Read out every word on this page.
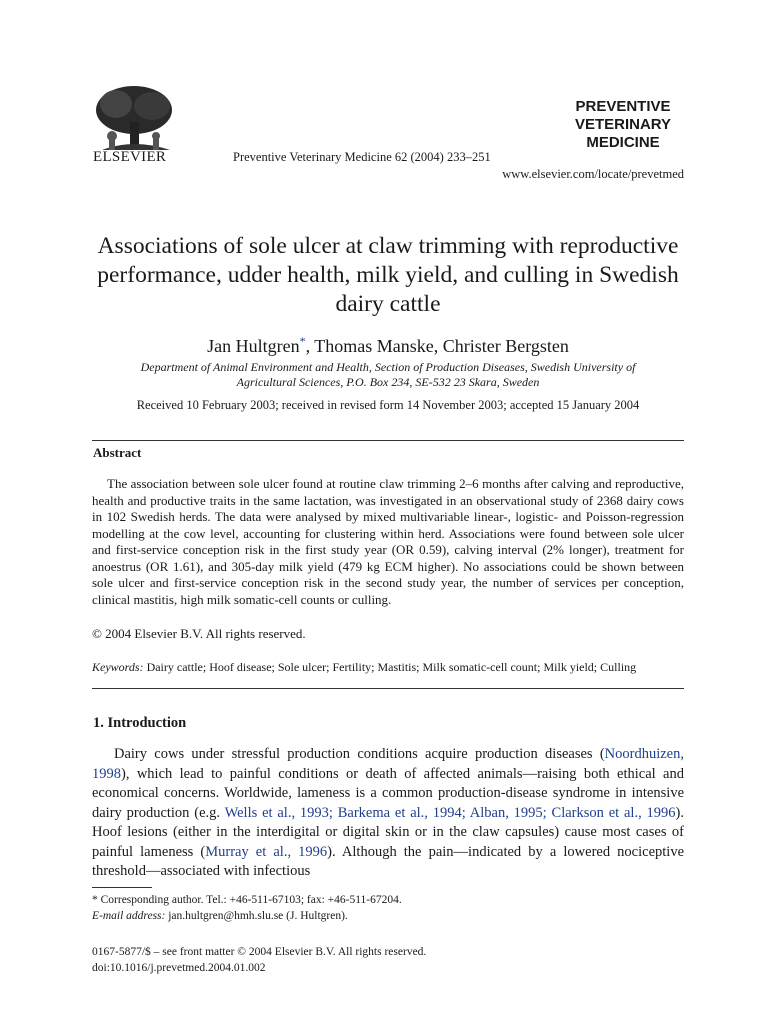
ELSEVIER	Preventive Veterinary Medicine 62 (2004) 233–251
PREVENTIVE
VETERINARY
MEDICINE
www.elsevier.com/locate/prevetmed
Associations of sole ulcer at claw trimming with reproductive performance, udder health, milk yield, and culling in Swedish dairy cattle
Jan Hultgren*, Thomas Manske, Christer Bergsten
Department of Animal Environment and Health, Section of Production Diseases, Swedish University of Agricultural Sciences, P.O. Box 234, SE-532 23 Skara, Sweden
Received 10 February 2003; received in revised form 14 November 2003; accepted 15 January 2004
Abstract
The association between sole ulcer found at routine claw trimming 2–6 months after calving and reproductive, health and productive traits in the same lactation, was investigated in an observational study of 2368 dairy cows in 102 Swedish herds. The data were analysed by mixed multivariable linear-, logistic- and Poisson-regression modelling at the cow level, accounting for clustering within herd. Associations were found between sole ulcer and first-service conception risk in the first study year (OR 0.59), calving interval (2% longer), treatment for anoestrus (OR 1.61), and 305-day milk yield (479 kg ECM higher). No associations could be shown between sole ulcer and first-service conception risk in the second study year, the number of services per conception, clinical mastitis, high milk somatic-cell counts or culling.
© 2004 Elsevier B.V. All rights reserved.
Keywords: Dairy cattle; Hoof disease; Sole ulcer; Fertility; Mastitis; Milk somatic-cell count; Milk yield; Culling
1. Introduction
Dairy cows under stressful production conditions acquire production diseases (Noordhuizen, 1998), which lead to painful conditions or death of affected animals—raising both ethical and economical concerns. Worldwide, lameness is a common production-disease syndrome in intensive dairy production (e.g. Wells et al., 1993; Barkema et al., 1994; Alban, 1995; Clarkson et al., 1996). Hoof lesions (either in the interdigital or digital skin or in the claw capsules) cause most cases of painful lameness (Murray et al., 1996). Although the pain—indicated by a lowered nociceptive threshold—associated with infectious
* Corresponding author. Tel.: +46-511-67103; fax: +46-511-67204.
E-mail address: jan.hultgren@hmh.slu.se (J. Hultgren).
0167-5877/$ – see front matter © 2004 Elsevier B.V. All rights reserved.
doi:10.1016/j.prevetmed.2004.01.002
